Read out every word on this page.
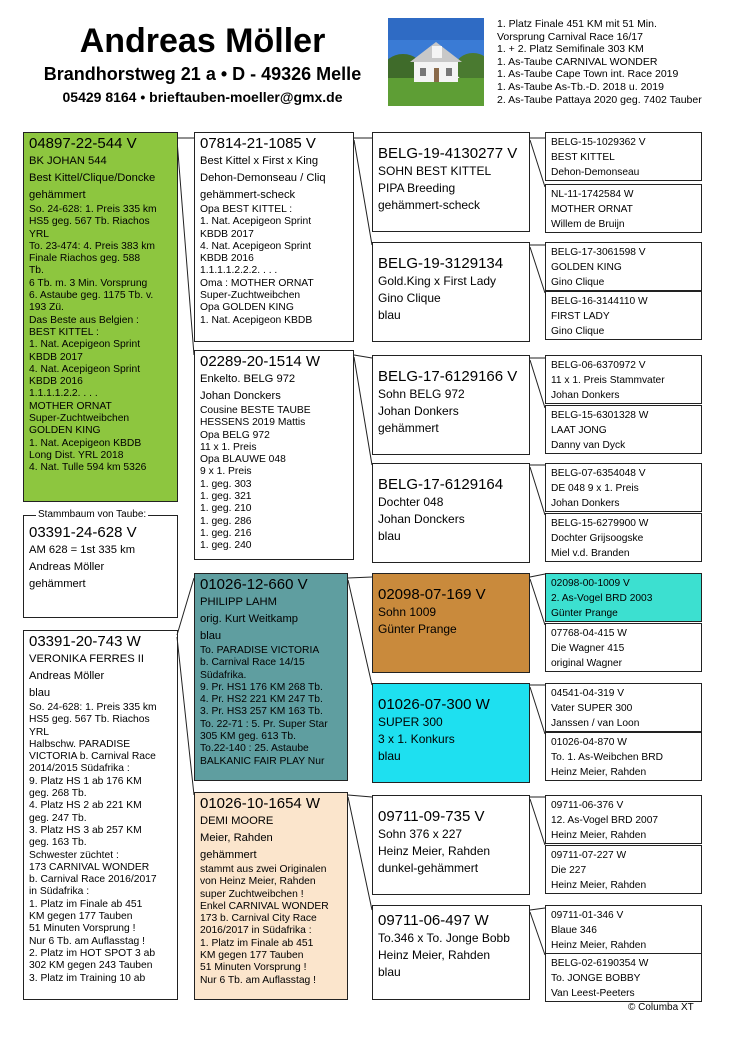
Andreas Möller
Brandhorstweg 21 a • D - 49326 Melle
05429 8164 • brieftauben-moeller@gmx.de
1. Platz Finale 451 KM mit 51 Min.
Vorsprung Carnival Race 16/17
1. + 2. Platz Semifinale 303 KM
1. As-Taube CARNIVAL WONDER
1. As-Taube Cape Town int. Race 2019
1. As-Taube As-Tb.-D. 2018 u. 2019
2. As-Taube Pattaya 2020 geg. 7402 Tauber
04897-22-544 V
BK JOHAN 544
Best Kittel/Clique/Doncke
gehämmert
So. 24-628: 1. Preis 335 km
HS5 geg. 567 Tb. Riachos
YRL
To. 23-474: 4. Preis 383 km
Finale Riachos geg. 588
Tb.
6 Tb. m. 3 Min. Vorsprung
6. Astaube geg. 1175 Tb. v.
193 Zü.
Das Beste aus Belgien :
BEST KITTEL :
1. Nat. Acepigeon Sprint
KBDB 2017
4. Nat. Acepigeon Sprint
KBDB 2016
1.1.1.1.2.2. . . .
MOTHER ORNAT
Super-Zuchtweibchen
GOLDEN KING
1. Nat. Acepigeon KBDB
Long Dist. YRL 2018
4. Nat. Tulle 594 km 5326
03391-24-628 V
AM 628 = 1st 335 km
Andreas Möller
gehämmert
Stammbaum von Taube:
03391-20-743 W
VERONIKA FERRES II
Andreas Möller
blau
So. 24-628: 1. Preis 335 km
HS5 geg. 567 Tb. Riachos
YRL
Halbschw. PARADISE
VICTORIA b. Carnival Race
2014/2015 Südafrika :
9. Platz HS 1 ab 176 KM
geg. 268 Tb.
4. Platz HS 2 ab 221 KM
geg. 247 Tb.
3. Platz HS 3 ab 257 KM
geg. 163 Tb.
Schwester züchtet :
173 CARNIVAL WONDER
b. Carnival Race 2016/2017
in Südafrika :
1. Platz im Finale ab 451
KM gegen 177 Tauben
51 Minuten Vorsprung !
Nur 6 Tb. am Auflasstag !
2. Platz im HOT SPOT 3 ab
302 KM gegen 243 Tauben
3. Platz im Training 10 ab
07814-21-1085 V
Best Kittel x First x King
Dehon-Demonseau / Cliq
gehämmert-scheck
Opa BEST KITTEL :
1. Nat. Acepigeon Sprint
KBDB 2017
4. Nat. Acepigeon Sprint
KBDB 2016
1.1.1.1.2.2.2. . . .
Oma : MOTHER ORNAT
Super-Zuchtweibchen
Opa GOLDEN KING
1. Nat. Acepigeon KBDB
02289-20-1514 W
Enkelto. BELG 972
Johan Donckers
Cousine BESTE TAUBE
HESSENS 2019 Mattis
Opa BELG 972
11 x 1. Preis
Opa BLAUWE 048
9 x 1. Preis
1. geg. 303
1. geg. 321
1. geg. 210
1. geg. 286
1. geg. 216
1. geg. 240
01026-12-660 V
PHILIPP LAHM
orig. Kurt Weitkamp
blau
To. PARADISE VICTORIA
b. Carnival Race 14/15
Südafrika.
9. Pr. HS1 176 KM 268 Tb.
4. Pr. HS2 221 KM 247 Tb.
3. Pr. HS3 257 KM 163 Tb.
To. 22-71 : 5. Pr. Super Star
305 KM geg. 613 Tb.
To.22-140 : 25. Astaube
BALKANIC FAIR PLAY Nur
01026-10-1654 W
DEMI MOORE
Meier, Rahden
gehämmert
stammt aus zwei Originalen
von Heinz Meier, Rahden
super Zuchtweibchen !
Enkel CARNIVAL WONDER
173 b. Carnival City Race
2016/2017 in Südafrika :
1. Platz im Finale ab 451
KM gegen 177 Tauben
51 Minuten Vorsprung !
Nur 6 Tb. am Auflasstag !
BELG-19-4130277 V
SOHN BEST KITTEL
PIPA Breeding
gehämmert-scheck
BELG-19-3129134
Gold.King x First Lady
Gino Clique
blau
BELG-17-6129166 V
Sohn BELG 972
Johan Donkers
gehämmert
BELG-17-6129164
Dochter 048
Johan Donckers
blau
02098-07-169 V
Sohn 1009
Günter Prange
01026-07-300 W
SUPER 300
3 x 1. Konkurs
blau
09711-09-735 V
Sohn 376 x 227
Heinz Meier, Rahden
dunkel-gehämmert
09711-06-497 W
To.346 x To. Jonge Bobb
Heinz Meier, Rahden
blau
BELG-15-1029362 V
BEST KITTEL
Dehon-Demonseau
NL-11-1742584 W
MOTHER ORNAT
Willem de Bruijn
BELG-17-3061598 V
GOLDEN KING
Gino Clique
BELG-16-3144110 W
FIRST LADY
Gino Clique
BELG-06-6370972 V
11 x 1. Preis Stammvater
Johan Donkers
BELG-15-6301328 W
LAAT JONG
Danny van Dyck
BELG-07-6354048 V
DE 048 9 x 1. Preis
Johan Donkers
BELG-15-6279900 W
Dochter Grijsoogske
Miel v.d. Branden
02098-00-1009 V
2. As-Vogel BRD 2003
Günter Prange
07768-04-415 W
Die Wagner 415
original Wagner
04541-04-319 V
Vater SUPER 300
Janssen / van Loon
01026-04-870 W
To. 1. As-Weibchen BRD
Heinz Meier, Rahden
09711-06-376 V
12. As-Vogel BRD 2007
Heinz Meier, Rahden
09711-07-227 W
Die 227
Heinz Meier, Rahden
09711-01-346 V
Blaue 346
Heinz Meier, Rahden
BELG-02-6190354 W
To. JONGE BOBBY
Van Leest-Peeters
© Columba XT
